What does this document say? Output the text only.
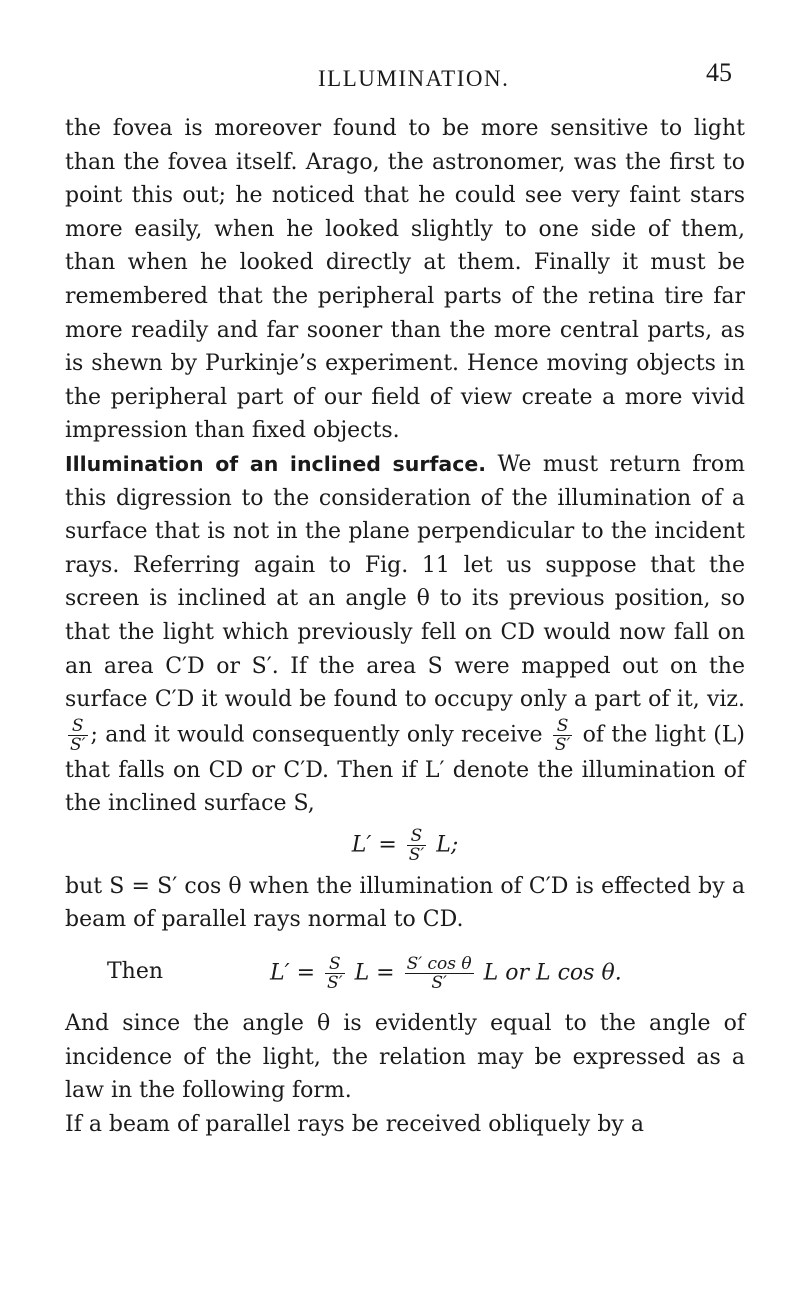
ILLUMINATION.	45

the fovea is moreover found to be more sensitive to light than the fovea itself. Arago, the astronomer, was the first to point this out; he noticed that he could see very faint stars more easily, when he looked slightly to one side of them, than when he looked directly at them. Finally it must be remembered that the peripheral parts of the retina tire far more readily and far sooner than the more central parts, as is shewn by Purkinje’s experiment. Hence moving objects in the peripheral part of our field of view create a more vivid impression than fixed objects.

Illumination of an inclined surface. We must return from this digression to the consideration of the illumination of a surface that is not in the plane perpendicular to the incident rays. Referring again to Fig. 11 let us suppose that the screen is inclined at an angle θ to its previous position, so that the light which previously fell on CD would now fall on an area C′D or S′. If the area S were mapped out on the surface C′D it would be found to occupy only a part of it, viz.
$\frac{S}{S'}$ ; and it would consequently only receive $\frac{S}{S'}$ of the light (L) that falls on CD or C′D. Then if L′ denote the illumination of the inclined surface S,

$L' = \frac{S}{S'} L$;

but S = S′ cos θ when the illumination of C′D is effected by a beam of parallel rays normal to CD.

Then	$L' = \frac{S}{S'}$ $L = \frac{\text{S′ cos θ}}{S'}$ L or L cos θ.

And since the angle θ is evidently equal to the angle of incidence of the light, the relation may be expressed as a law in the following form.

If a beam of parallel rays be received obliquely by a
